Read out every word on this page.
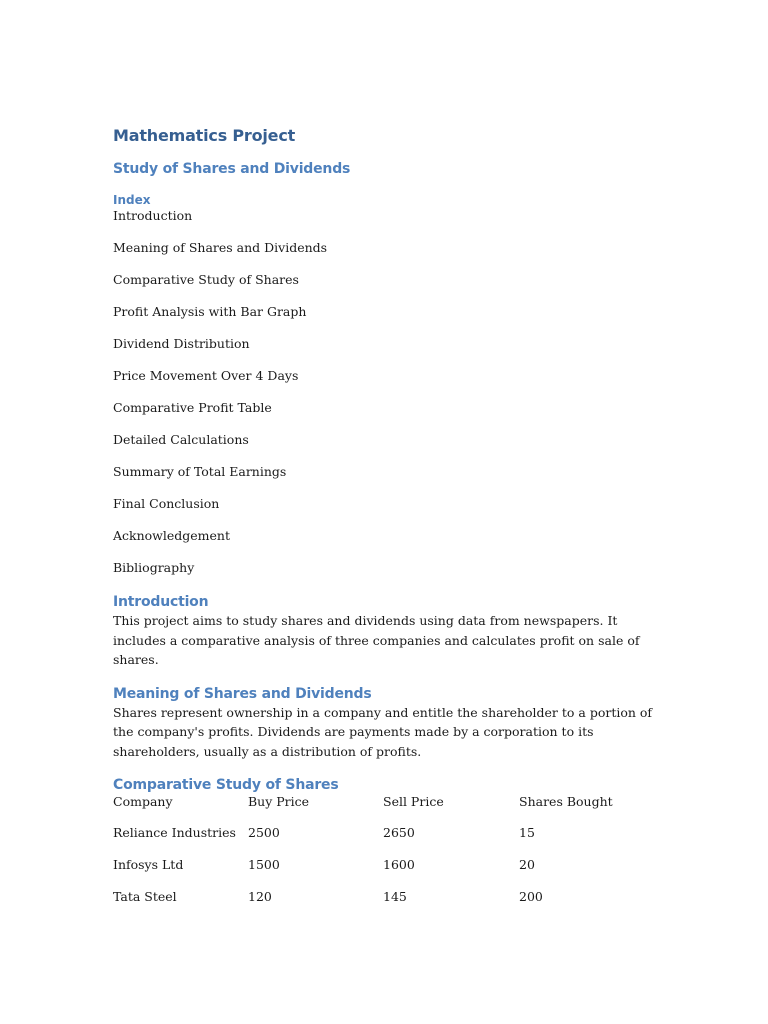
Mathematics Project
Study of Shares and Dividends
Index
Introduction
Meaning of Shares and Dividends
Comparative Study of Shares
Profit Analysis with Bar Graph
Dividend Distribution
Price Movement Over 4 Days
Comparative Profit Table
Detailed Calculations
Summary of Total Earnings
Final Conclusion
Acknowledgement
Bibliography
Introduction

This project aims to study shares and dividends using data from newspapers. It includes a comparative analysis of three companies and calculates profit on sale of shares.

Meaning of Shares and Dividends

Shares represent ownership in a company and entitle the shareholder to a portion of the company's profits. Dividends are payments made by a corporation to its shareholders, usually as a distribution of profits.

Comparative Study of Shares
Company	Buy Price	Sell Price	Shares Bought
Reliance Industries	2500	2650	15
Infosys Ltd	1500	1600	20
Tata Steel	120	145	200
